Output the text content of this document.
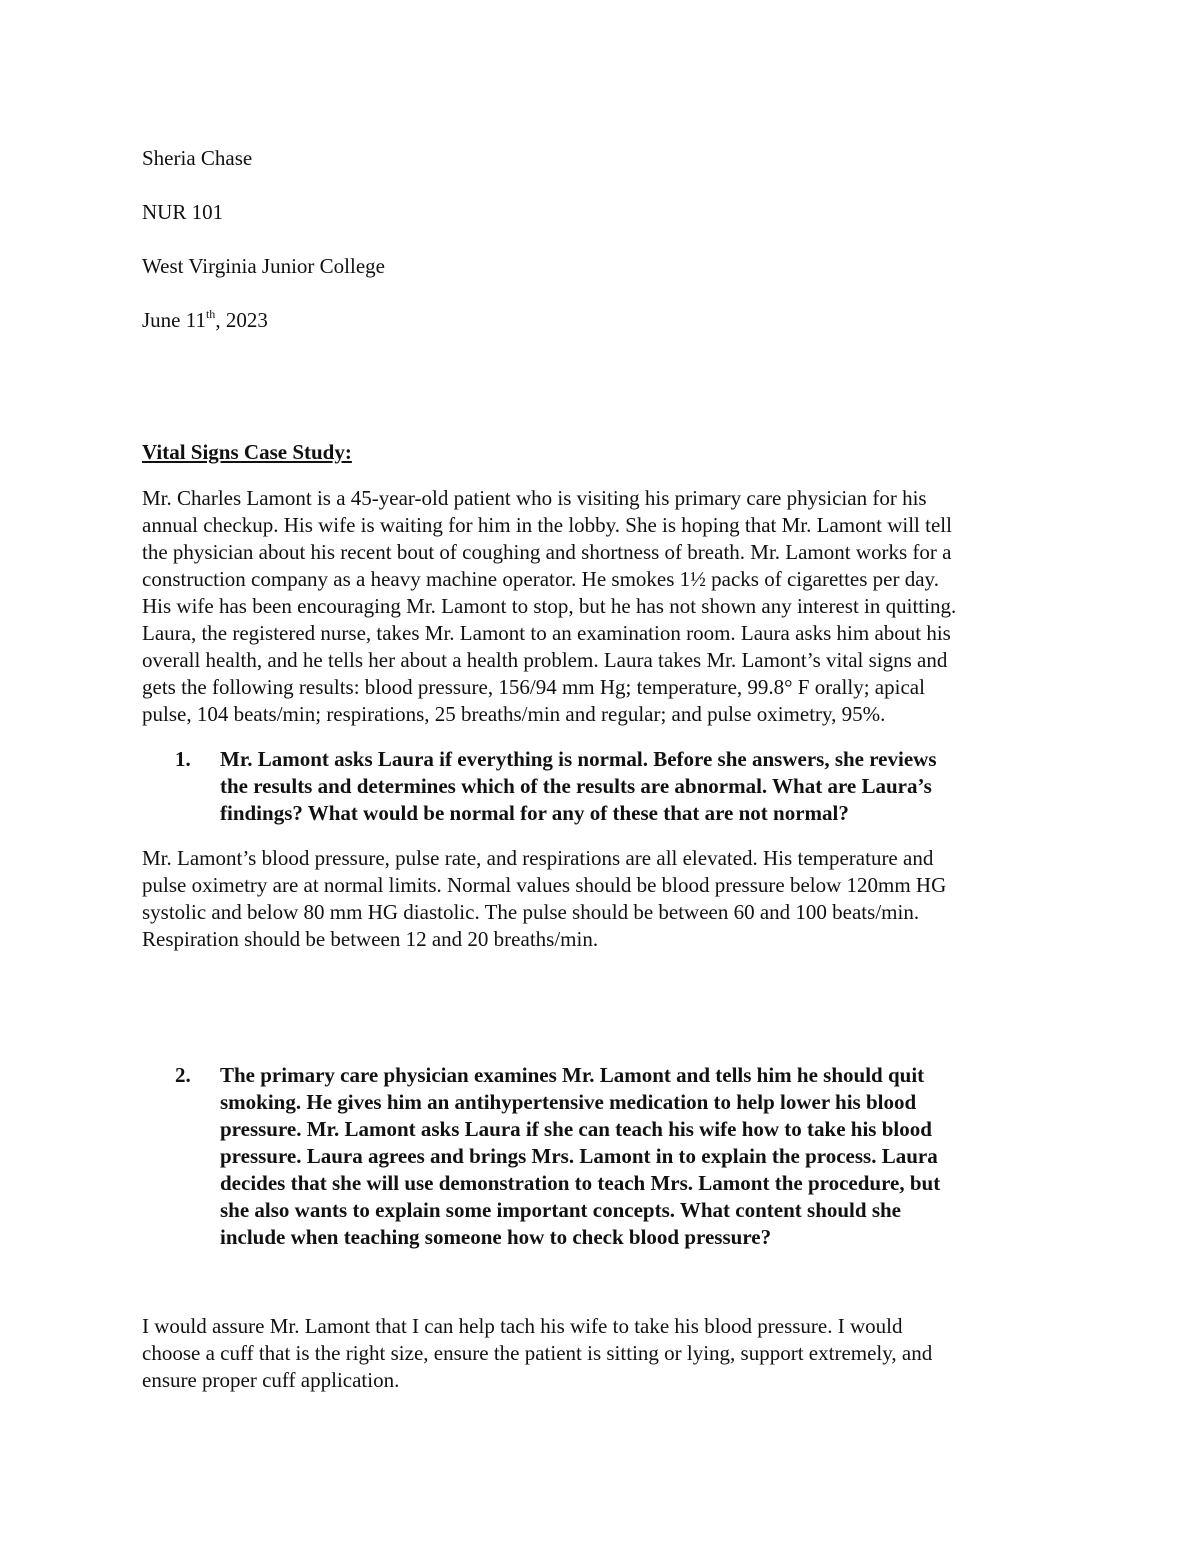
Sheria Chase
NUR 101
West Virginia Junior College
June 11th, 2023
Vital Signs Case Study:

Mr. Charles Lamont is a 45-year-old patient who is visiting his primary care physician for his

annual checkup. His wife is waiting for him in the lobby. She is hoping that Mr. Lamont will tell

the physician about his recent bout of coughing and shortness of breath. Mr. Lamont works for a

construction company as a heavy machine operator. He smokes 1½ packs of cigarettes per day.

His wife has been encouraging Mr. Lamont to stop, but he has not shown any interest in quitting.

Laura, the registered nurse, takes Mr. Lamont to an examination room. Laura asks him about his

overall health, and he tells her about a health problem. Laura takes Mr. Lamont’s vital signs and

gets the following results: blood pressure, 156/94 mm Hg; temperature, 99.8° F orally; apical

pulse, 104 beats/min; respirations, 25 breaths/min and regular; and pulse oximetry, 95%.

1. Mr. Lamont asks Laura if everything is normal. Before she answers, she reviews

the results and determines which of the results are abnormal. What are Laura’s

findings? What would be normal for any of these that are not normal?

Mr. Lamont’s blood pressure, pulse rate, and respirations are all elevated. His temperature and

pulse oximetry are at normal limits. Normal values should be blood pressure below 120mm HG

systolic and below 80 mm HG diastolic. The pulse should be between 60 and 100 beats/min.

Respiration should be between 12 and 20 breaths/min.

2. The primary care physician examines Mr. Lamont and tells him he should quit

smoking. He gives him an antihypertensive medication to help lower his blood

pressure. Mr. Lamont asks Laura if she can teach his wife how to take his blood

pressure. Laura agrees and brings Mrs. Lamont in to explain the process. Laura

decides that she will use demonstration to teach Mrs. Lamont the procedure, but

she also wants to explain some important concepts. What content should she

include when teaching someone how to check blood pressure?

I would assure Mr. Lamont that I can help tach his wife to take his blood pressure. I would

choose a cuff that is the right size, ensure the patient is sitting or lying, support extremely, and

ensure proper cuff application.
